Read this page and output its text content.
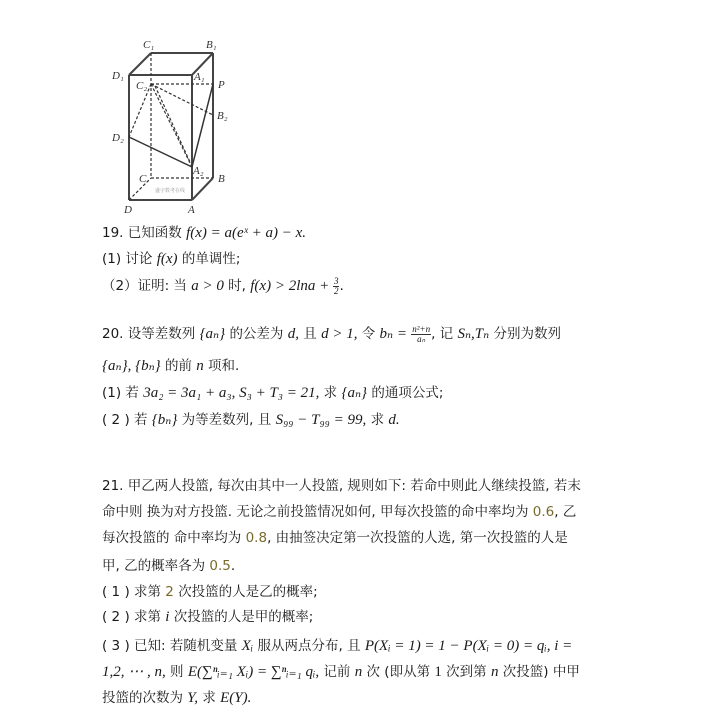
C₁	B₁
D₁	A₁
C₂	P
B₂
D₂
A₂
C	B
D	A
盛宇数考在线
19. 已知函数 f(x) = a(eˣ + a) − x.
(1) 讨论 f(x) 的单调性;
（2）证明: 当 a > 0 时, $f(x) > 2\ln a + \frac{3}{2}$ .
20. 设等差数列 {aₙ} 的公差为 d, 且 d > 1, 令 $b_n = \frac{\text{n²+n}}{\text{aₙ}}$ , 记 Sₙ,Tₙ 分别为数列
{aₙ}, {bₙ} 的前 n 项和.
(1) 若 3a₂ = 3a₁ + a₃, S₃ + T₃ = 21, 求 {aₙ} 的通项公式;
( 2 ) 若 {bₙ} 为等差数列, 且 S₉₉ − T₉₉ = 99, 求 d.
21. 甲乙两人投篮, 每次由其中一人投篮, 规则如下: 若命中则此人继续投篮, 若末
命中则 换为对方投篮. 无论之前投篮情况如何, 甲每次投篮的命中率均为 0.6, 乙
每次投篮的 命中率均为 0.8, 由抽签决定第一次投篮的人选, 第一次投篮的人是
甲, 乙的概率各为 0.5.
( 1 ) 求第 2 次投篮的人是乙的概率;
( 2 ) 求第 i 次投篮的人是甲的概率;
( 3 ) 已知: 若随机变量 Xᵢ 服从两点分布, 且 P(Xᵢ = 1) = 1 − P(Xᵢ = 0) = qᵢ, i =
1,2, ⋯ , n, 则 E(∑ⁿᵢ₌₁ Xᵢ) = ∑ⁿᵢ₌₁ qᵢ, 记前 n 次 (即从第 1 次到第 n 次投篮) 中甲
投篮的次数为 Y, 求 E(Y).
